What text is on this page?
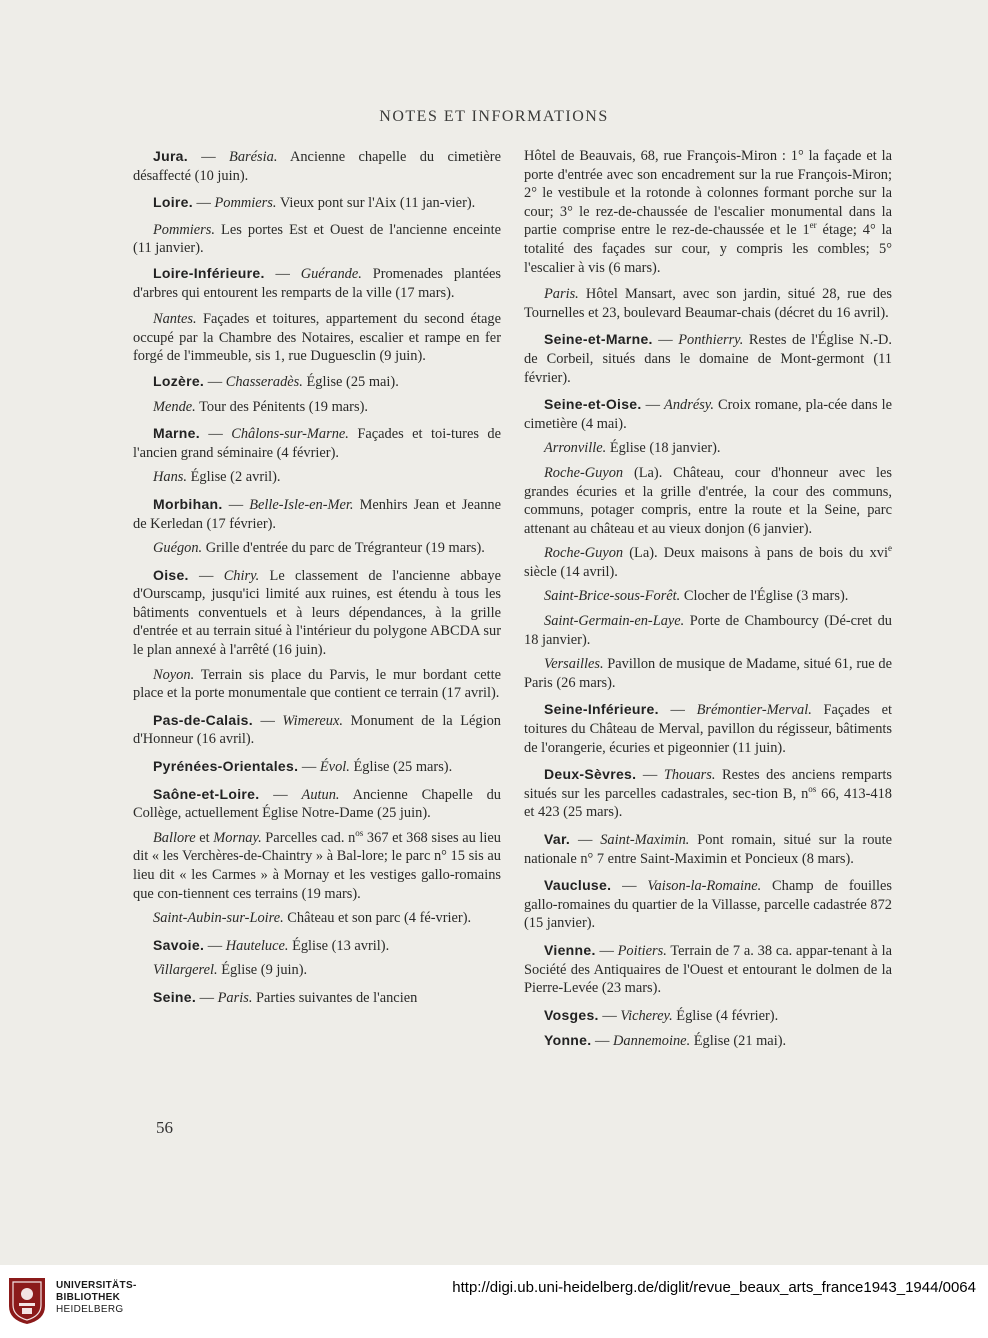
NOTES ET INFORMATIONS

Jura. — Barésia. Ancienne chapelle du cimetière désaffecté (10 juin).

Loire. — Pommiers. Vieux pont sur l'Aix (11 jan-vier).

Pommiers. Les portes Est et Ouest de l'ancienne enceinte (11 janvier).

Loire-Inférieure. — Guérande. Promenades plantées d'arbres qui entourent les remparts de la ville (17 mars).

Nantes. Façades et toitures, appartement du second étage occupé par la Chambre des Notaires, escalier et rampe en fer forgé de l'immeuble, sis 1, rue Duguesclin (9 juin).

Lozère. — Chasseradès. Église (25 mai).

Mende. Tour des Pénitents (19 mars).

Marne. — Châlons-sur-Marne. Façades et toi-tures de l'ancien grand séminaire (4 février).

Hans. Église (2 avril).

Morbihan. — Belle-Isle-en-Mer. Menhirs Jean et Jeanne de Kerledan (17 février).

Guégon. Grille d'entrée du parc de Trégranteur (19 mars).

Oise. — Chiry. Le classement de l'ancienne abbaye d'Ourscamp, jusqu'ici limité aux ruines, est étendu à tous les bâtiments conventuels et à leurs dépendances, à la grille d'entrée et au terrain situé à l'intérieur du polygone ABCDA sur le plan annexé à l'arrêté (16 juin).

Noyon. Terrain sis place du Parvis, le mur bordant cette place et la porte monumentale que contient ce terrain (17 avril).

Pas-de-Calais. — Wimereux. Monument de la Légion d'Honneur (16 avril).

Pyrénées-Orientales. — Évol. Église (25 mars).

Saône-et-Loire. — Autun. Ancienne Chapelle du Collège, actuellement Église Notre-Dame (25 juin).

Ballore et Mornay. Parcelles cad. $n^{os}$ 367 et 368 sises au lieu dit « les Verchères-de-Chaintry » à Bal-lore; le parc n° 15 sis au lieu dit « les Carmes » à Mornay et les vestiges gallo-romains que con-tiennent ces terrains (19 mars).

Saint-Aubin-sur-Loire. Château et son parc (4 fé-vrier).

Savoie. — Hauteluce. Église (13 avril).

Villargerel. Église (9 juin).

Seine. — Paris. Parties suivantes de l'ancien

Hôtel de Beauvais, 68, rue François-Miron : 1° la façade et la porte d'entrée avec son encadrement sur la rue François-Miron; 2° le vestibule et la rotonde à colonnes formant porche sur la cour; 3° le rez-de-chaussée de l'escalier monumental dans la partie comprise entre le rez-de-chaussée et le 1er étage; 4° la totalité des façades sur cour, y compris les combles; 5° l'escalier à vis (6 mars).

Paris. Hôtel Mansart, avec son jardin, situé 28, rue des Tournelles et 23, boulevard Beaumar-chais (décret du 16 avril).

Seine-et-Marne. — Ponthierry. Restes de l'Église N.-D. de Corbeil, situés dans le domaine de Mont-germont (11 février).

Seine-et-Oise. — Andrésy. Croix romane, pla-cée dans le cimetière (4 mai).

Arronville. Église (18 janvier).

Roche-Guyon (La). Château, cour d'honneur avec les grandes écuries et la grille d'entrée, la cour des communs, communs, potager compris, entre la route et la Seine, parc attenant au château et au vieux donjon (6 janvier).

Roche-Guyon (La). Deux maisons à pans de bois du xvi$^e$ siècle (14 avril).

Saint-Brice-sous-Forêt. Clocher de l'Église (3 mars).

Saint-Germain-en-Laye. Porte de Chambourcy (Dé-cret du 18 janvier).

Versailles. Pavillon de musique de Madame, situé 61, rue de Paris (26 mars).

Seine-Inférieure. — Brémontier-Merval. Façades et toitures du Château de Merval, pavillon du régisseur, bâtiments de l'orangerie, écuries et pigeonnier (11 juin).

Deux-Sèvres. — Thouars. Restes des anciens remparts situés sur les parcelles cadastrales, sec-tion B, $n^{os}$ 66, 413-418 et 423 (25 mars).

Var. — Saint-Maximin. Pont romain, situé sur la route nationale n° 7 entre Saint-Maximin et Poncieux (8 mars).

Vaucluse. — Vaison-la-Romaine. Champ de fouilles gallo-romaines du quartier de la Villasse, parcelle cadastrée 872 (15 janvier).

Vienne. — Poitiers. Terrain de 7 a. 38 ca. appar-tenant à la Société des Antiquaires de l'Ouest et entourant le dolmen de la Pierre-Levée (23 mars).

Vosges. — Vicherey. Église (4 février).

Yonne. — Dannemoine. Église (21 mai).

56
UNIVERSITÄTS-
BIBLIOTHEK
HEIDELBERG
http://digi.ub.uni-heidelberg.de/diglit/revue_beaux_arts_france1943_1944/0064
